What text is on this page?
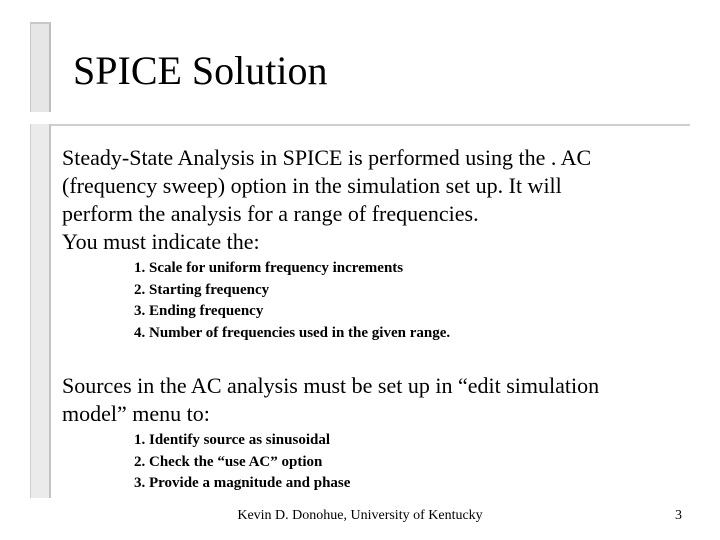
SPICE Solution
Steady-State Analysis in SPICE is performed using the . AC
(frequency sweep) option in the simulation set up. It will
perform the analysis for a range of frequencies.
You must indicate the:
1. Scale for uniform frequency increments
2. Starting frequency
3. Ending frequency
4. Number of frequencies used in the given range.
Sources in the AC analysis must be set up in “edit simulation
model” menu to:
1. Identify source as sinusoidal
2. Check the “use AC” option
3. Provide a magnitude and phase
Kevin D. Donohue, University of Kentucky	3
